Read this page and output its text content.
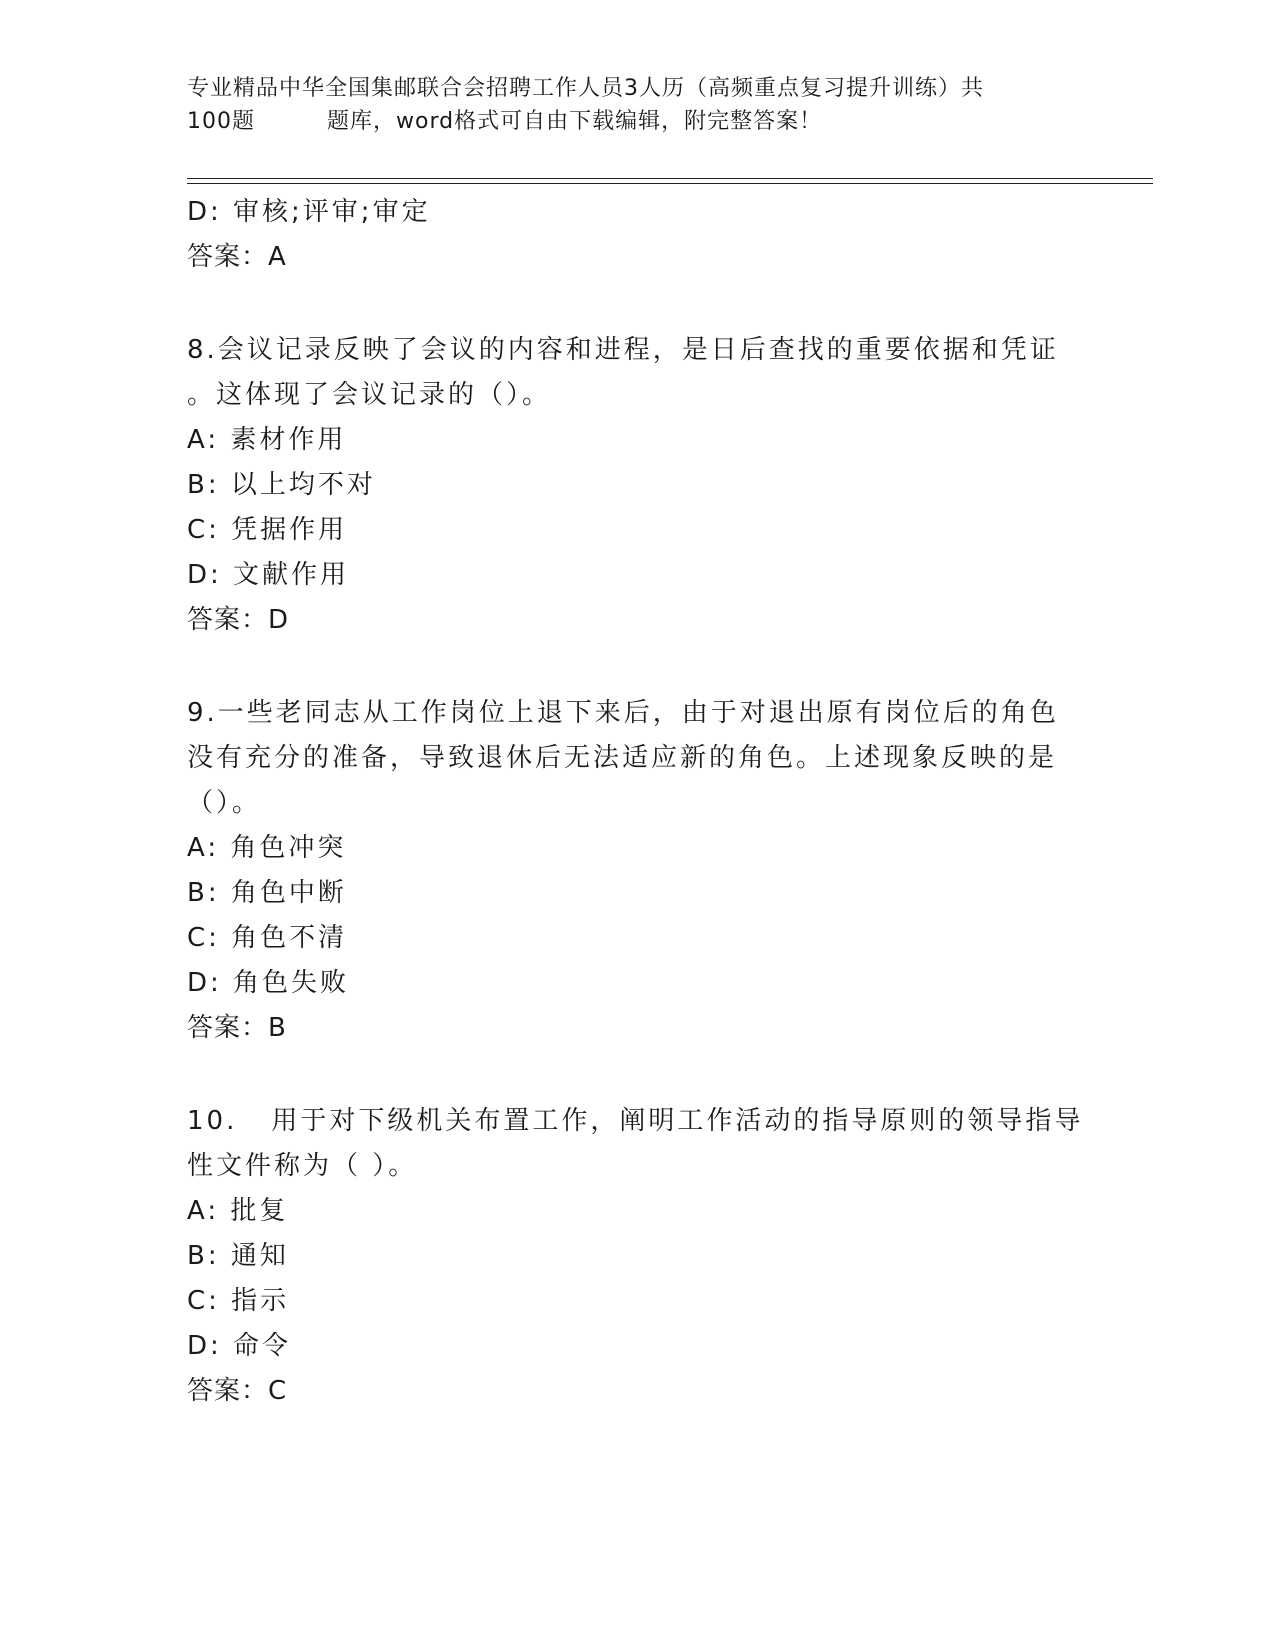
专业精品中华全国集邮联合会招聘工作人员3人历（高频重点复习提升训练）共
100题	题库，word格式可自由下载编辑，附完整答案！
D: 审核;评审;审定
答案：A
8.会议记录反映了会议的内容和进程，是日后查找的重要依据和凭证
。这体现了会议记录的（）。
A: 素材作用
B: 以上均不对
C: 凭据作用
D: 文献作用
答案：D
9.一些老同志从工作岗位上退下来后，由于对退出原有岗位后的角色
没有充分的准备，导致退休后无法适应新的角色。上述现象反映的是
（）。
A: 角色冲突
B: 角色中断
C: 角色不清
D: 角色失败
答案：B
10. 用于对下级机关布置工作，阐明工作活动的指导原则的领导指导
性文件称为（ ）。
A: 批复
B: 通知
C: 指示
D: 命令
答案：C
